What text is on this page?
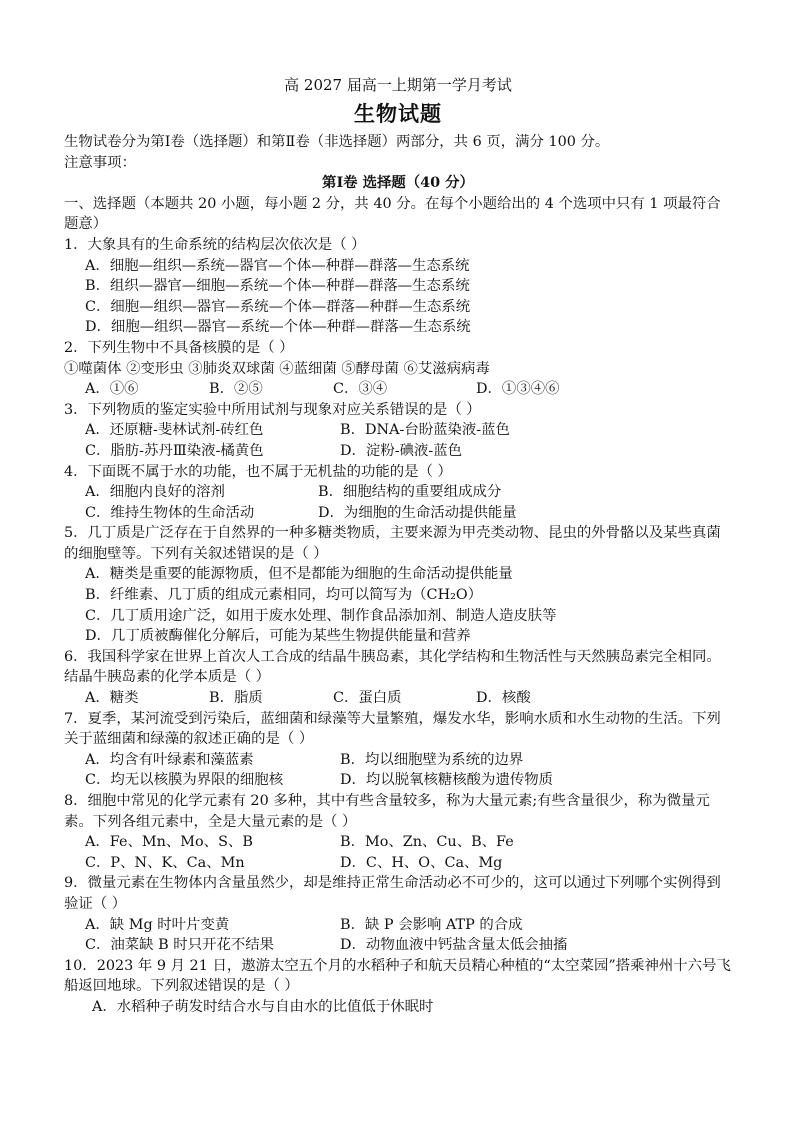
高 2027 届高一上期第一学月考试
生物试题
生物试卷分为第Ⅰ卷（选择题）和第Ⅱ卷（非选择题）两部分，共 6 页，满分 100 分。
注意事项：
第Ⅰ卷 选择题（40 分）
一、选择题（本题共 20 小题，每小题 2 分，共 40 分。在每个小题给出的 4 个选项中只有 1 项最符合题意）
1．大象具有的生命系统的结构层次依次是（ ）
A．细胞—组织—系统—器官—个体—种群—群落—生态系统
B．组织—器官—细胞—系统—个体—种群—群落—生态系统
C．细胞—组织—器官—系统—个体—群落—种群—生态系统
D．细胞—组织—器官—系统—个体—种群—群落—生态系统
2．下列生物中不具备核膜的是（ ）
①噬菌体 ②变形虫 ③肺炎双球菌 ④蓝细菌 ⑤酵母菌 ⑥艾滋病病毒
A．①⑥	B．②⑤	C．③④	D．①③④⑥
3．下列物质的鉴定实验中所用试剂与现象对应关系错误的是（ ）
A．还原糖-斐林试剂-砖红色	B．DNA-台盼蓝染液-蓝色
C．脂肪-苏丹Ⅲ染液-橘黄色	D．淀粉-碘液-蓝色
4．下面既不属于水的功能，也不属于无机盐的功能的是（ ）
A．细胞内良好的溶剂	B．细胞结构的重要组成成分
C．维持生物体的生命活动	D．为细胞的生命活动提供能量
5．几丁质是广泛存在于自然界的一种多糖类物质，主要来源为甲壳类动物、昆虫的外骨骼以及某些真菌的细胞壁等。下列有关叙述错误的是（ ）
A．糖类是重要的能源物质，但不是都能为细胞的生命活动提供能量
B．纤维素、几丁质的组成元素相同，均可以简写为（CH₂O）
C．几丁质用途广泛，如用于废水处理、制作食品添加剂、制造人造皮肤等
D．几丁质被酶催化分解后，可能为某些生物提供能量和营养
6．我国科学家在世界上首次人工合成的结晶牛胰岛素，其化学结构和生物活性与天然胰岛素完全相同。结晶牛胰岛素的化学本质是（ ）
A．糖类	B．脂质	C．蛋白质	D．核酸
7．夏季，某河流受到污染后，蓝细菌和绿藻等大量繁殖，爆发水华，影响水质和水生动物的生活。下列关于蓝细菌和绿藻的叙述正确的是（ ）
A．均含有叶绿素和藻蓝素	B．均以细胞壁为系统的边界
C．均无以核膜为界限的细胞核	D．均以脱氧核糖核酸为遗传物质
8．细胞中常见的化学元素有 20 多种，其中有些含量较多，称为大量元素;有些含量很少，称为微量元素。下列各组元素中，全是大量元素的是（ ）
A．Fe、Mn、Mo、S、B	B．Mo、Zn、Cu、B、Fe
C．P、N、K、Ca、Mn	D．C、H、O、Ca、Mg
9．微量元素在生物体内含量虽然少，却是维持正常生命活动必不可少的，这可以通过下列哪个实例得到验证（ ）
A．缺 Mg 时叶片变黄	B．缺 P 会影响 ATP 的合成
C．油菜缺 B 时只开花不结果	D．动物血液中钙盐含量太低会抽搐
10．2023 年 9 月 21 日，遨游太空五个月的水稻种子和航天员精心种植的“太空菜园”搭乘神州十六号飞船返回地球。下列叙述错误的是（ ）
A．水稻种子萌发时结合水与自由水的比值低于休眠时
